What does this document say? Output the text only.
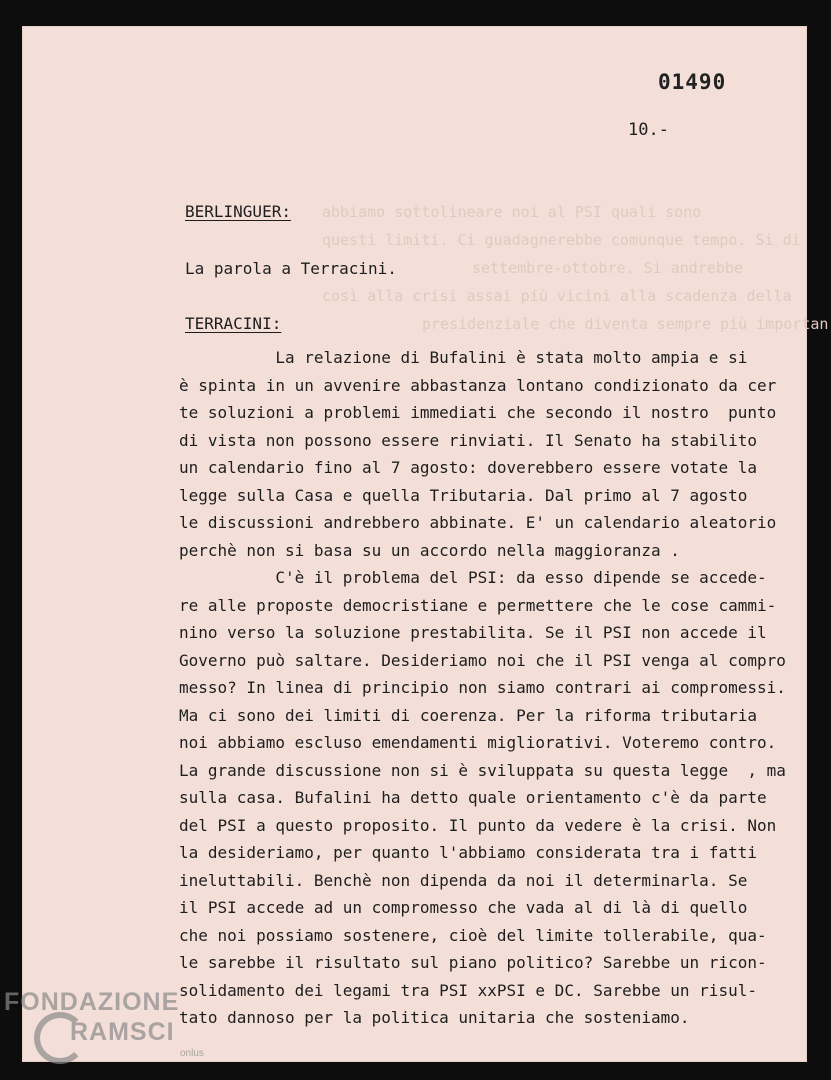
abbiamo sottolineare noi al PSI quali sono
questi limiti. Ci guadagnerebbe comunque tempo. Si di
settembre-ottobre. Si andrebbe
così alla crisi assai più vicini alla scadenza della
presidenziale che diventa sempre più importan
01490
10.-
BERLINGUER:
La parola a Terracini.
TERRACINI:
La relazione di Bufalini è stata molto ampia e si
è spinta in un avvenire abbastanza lontano condizionato da cer
te soluzioni a problemi immediati che secondo il nostro  punto
di vista non possono essere rinviati. Il Senato ha stabilito
un calendario fino al 7 agosto: doverebbero essere votate la
legge sulla Casa e quella Tributaria. Dal primo al 7 agosto
le discussioni andrebbero abbinate. E' un calendario aleatorio
perchè non si basa su un accordo nella maggioranza .
C'è il problema del PSI: da esso dipende se accede-
re alle proposte democristiane e permettere che le cose cammi-
nino verso la soluzione prestabilita. Se il PSI non accede il
Governo può saltare. Desideriamo noi che il PSI venga al compro
messo? In linea di principio non siamo contrari ai compromessi.
Ma ci sono dei limiti di coerenza. Per la riforma tributaria
noi abbiamo escluso emendamenti migliorativi. Voteremo contro.
La grande discussione non si è sviluppata su questa legge  , ma
sulla casa. Bufalini ha detto quale orientamento c'è da parte
del PSI a questo proposito. Il punto da vedere è la crisi. Non
la desideriamo, per quanto l'abbiamo considerata tra i fatti
ineluttabili. Benchè non dipenda da noi il determinarla. Se
il PSI accede ad un compromesso che vada al di là di quello
che noi possiamo sostenere, cioè del limite tollerabile, qua-
le sarebbe il risultato sul piano politico? Sarebbe un ricon-
solidamento dei legami tra PSI xxPSI e DC. Sarebbe un risul-
tato dannoso per la politica unitaria che sosteniamo.
FONDAZIONE
RAMSCI
onlus
